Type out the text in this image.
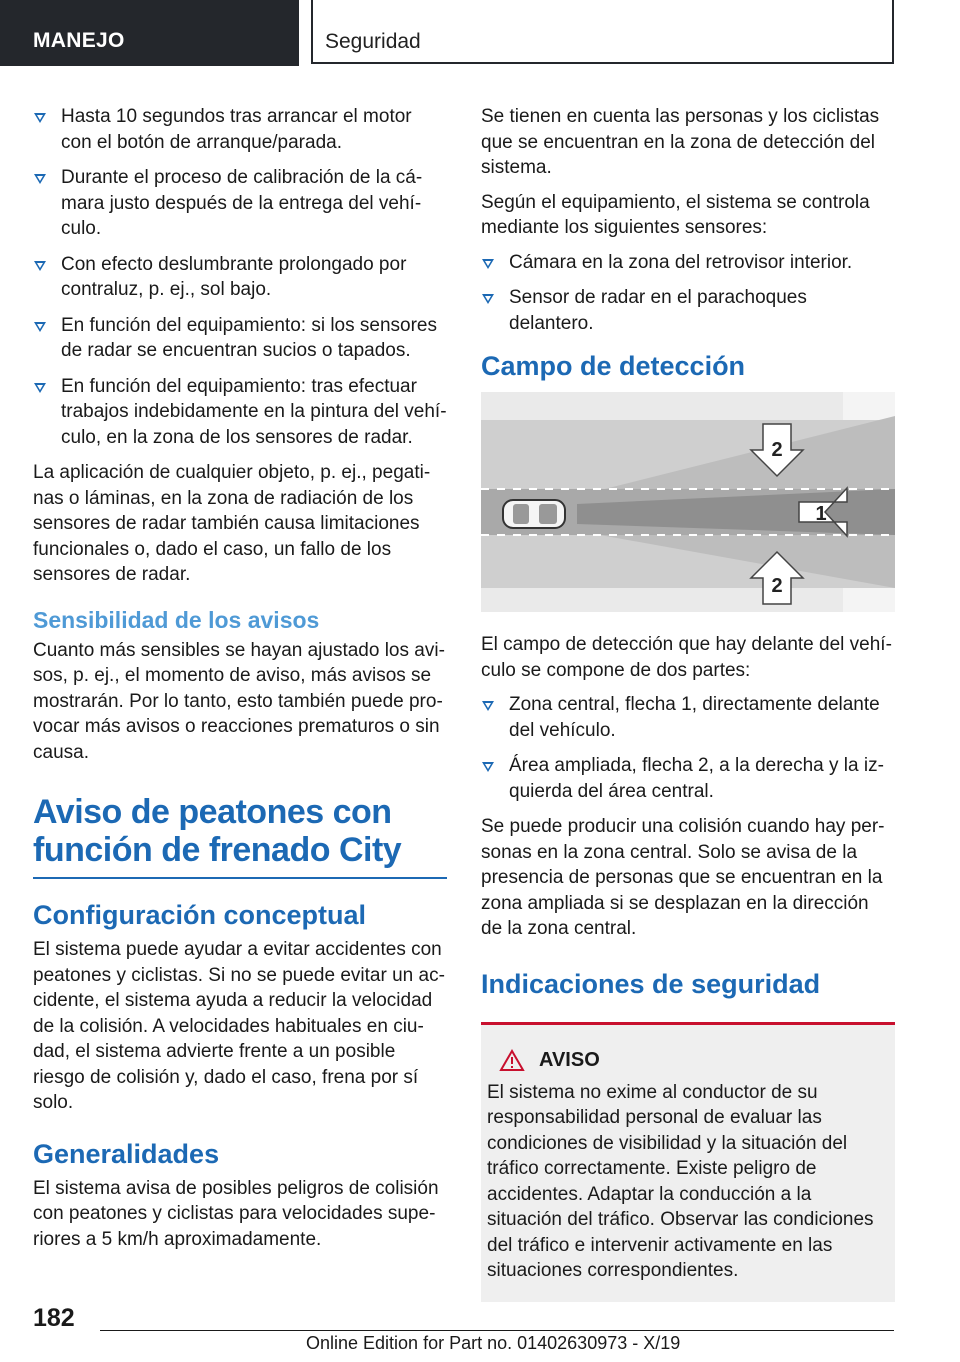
MANEJO	Seguridad
Hasta 10 segundos tras arrancar el motor con el botón de arranque/parada.
Durante el proceso de calibración de la cámara justo después de la entrega del vehículo.
Con efecto deslumbrante prolongado por contraluz, p. ej., sol bajo.
En función del equipamiento: si los sensores de radar se encuentran sucios o tapados.
En función del equipamiento: tras efectuar trabajos indebidamente en la pintura del vehículo, en la zona de los sensores de radar.

La aplicación de cualquier objeto, p. ej., pegatinas o láminas, en la zona de radiación de los sensores de radar también causa limitaciones funcionales o, dado el caso, un fallo de los sensores de radar.

Sensibilidad de los avisos

Cuanto más sensibles se hayan ajustado los avisos, p. ej., el momento de aviso, más avisos se mostrarán. Por lo tanto, esto también puede provocar más avisos o reacciones prematuros o sin causa.

Aviso de peatones con función de frenado City
Configuración conceptual

El sistema puede ayudar a evitar accidentes con peatones y ciclistas. Si no se puede evitar un accidente, el sistema ayuda a reducir la velocidad de la colisión. A velocidades habituales en ciudad, el sistema advierte frente a un posible riesgo de colisión y, dado el caso, frena por sí solo.

Generalidades

El sistema avisa de posibles peligros de colisión con peatones y ciclistas para velocidades superiores a 5 km/h aproximadamente.

Se tienen en cuenta las personas y los ciclistas que se encuentran en la zona de detección del sistema.

Según el equipamiento, el sistema se controla mediante los siguientes sensores:

Cámara en la zona del retrovisor interior.
Sensor de radar en el parachoques delantero.
Campo de detección
1
2
2

El campo de detección que hay delante del vehículo se compone de dos partes:

Zona central, flecha 1, directamente delante del vehículo.
Área ampliada, flecha 2, a la derecha y la izquierda del área central.

Se puede producir una colisión cuando hay personas en la zona central. Solo se avisa de la presencia de personas que se encuentran en la zona ampliada si se desplazan en la dirección de la zona central.

Indicaciones de seguridad
AVISO

El sistema no exime al conductor de su responsabilidad personal de evaluar las condiciones de visibilidad y la situación del tráfico correctamente. Existe peligro de accidentes. Adaptar la conducción a la situación del tráfico. Observar las condiciones del tráfico e intervenir activamente en las situaciones correspondientes.

182
Online Edition for Part no. 01402630973 - X/19
